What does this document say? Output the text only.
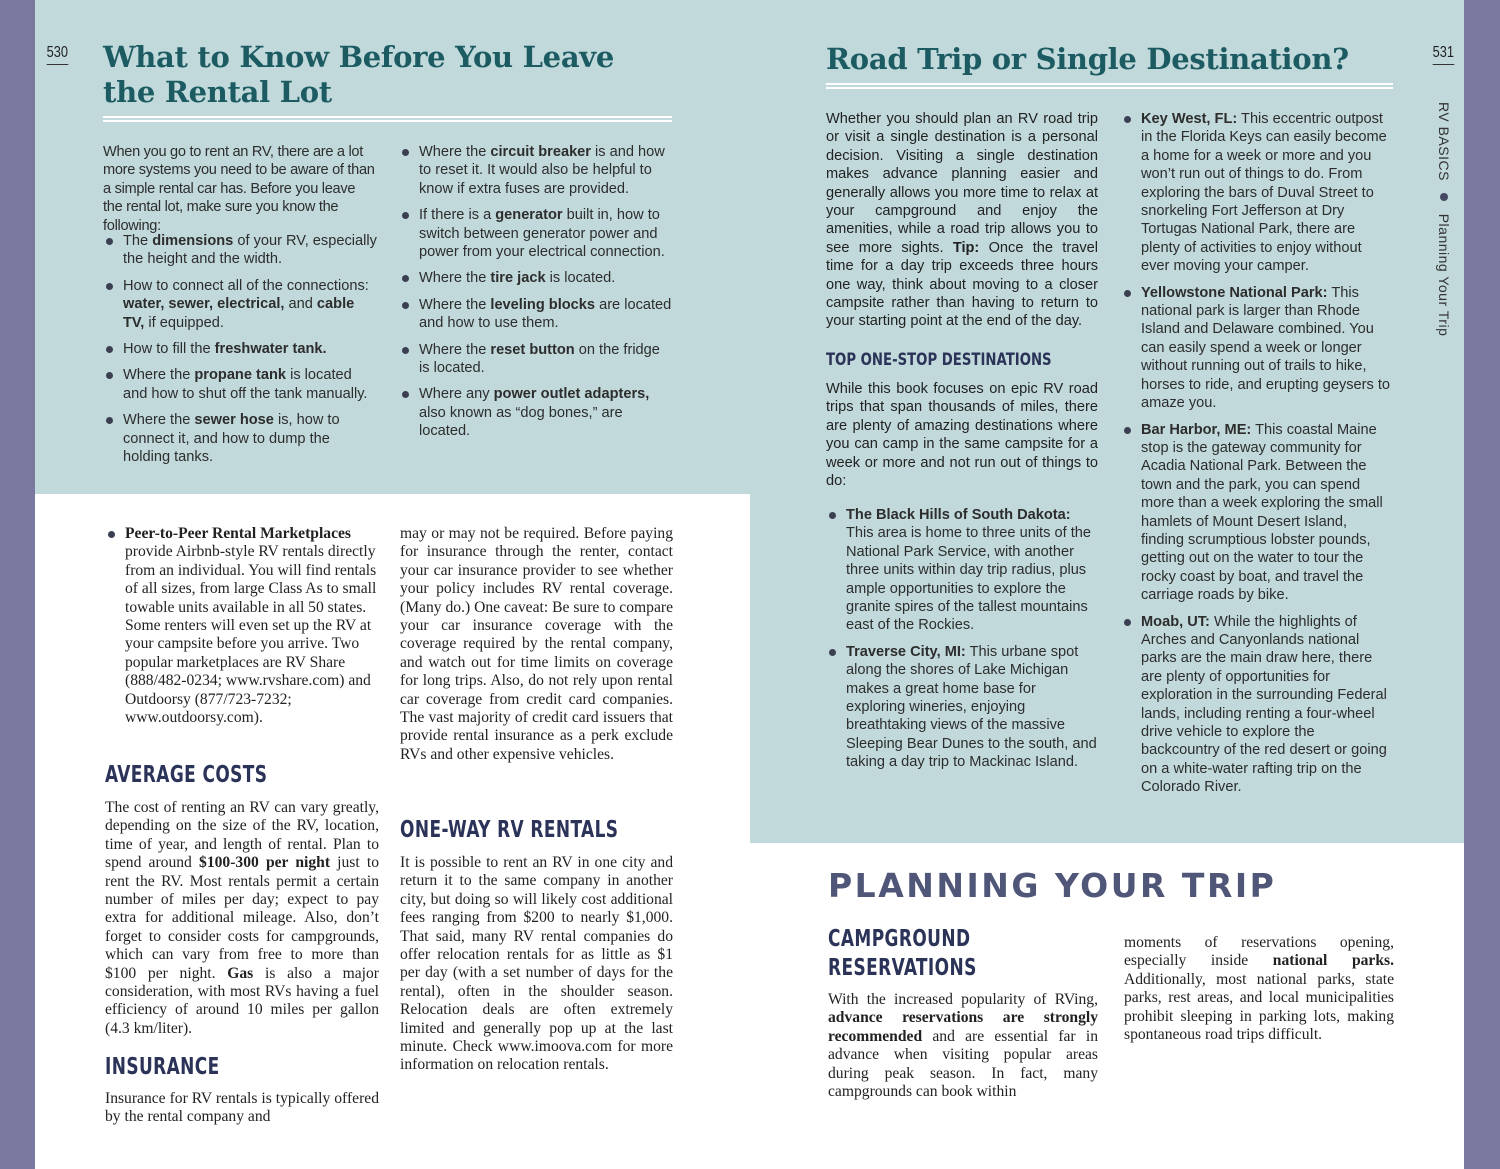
530 What to Know Before You Leave the Rental Lot
When you go to rent an RV, there are a lot more systems you need to be aware of than a simple rental car has. Before you leave the rental lot, make sure you know the following:
The dimensions of your RV, especially the height and the width.
How to connect all of the connections: water, sewer, electrical, and cable TV, if equipped.
How to fill the freshwater tank.
Where the propane tank is located and how to shut off the tank manually.
Where the sewer hose is, how to connect it, and how to dump the holding tanks.
Where the circuit breaker is and how to reset it. It would also be helpful to know if extra fuses are provided.
If there is a generator built in, how to switch between generator power and power from your electrical connection.
Where the tire jack is located.
Where the leveling blocks are located and how to use them.
Where the reset button on the fridge is located.
Where any power outlet adapters, also known as “dog bones,” are located.
Peer-to-Peer Rental Marketplaces provide Airbnb-style RV rentals directly from an individual. You will find rentals of all sizes, from large Class As to small towable units available in all 50 states. Some renters will even set up the RV at your campsite before you arrive. Two popular marketplaces are RV Share (888/482-0234; www.rvshare.com) and Outdoorsy (877/723-7232; www.outdoorsy.com).
AVERAGE COSTS
The cost of renting an RV can vary greatly, depending on the size of the RV, location, time of year, and length of rental. Plan to spend around $100-300 per night just to rent the RV. Most rentals permit a certain number of miles per day; expect to pay extra for additional mileage. Also, don’t forget to consider costs for campgrounds, which can vary from free to more than $100 per night. Gas is also a major consideration, with most RVs having a fuel efficiency of around 10 miles per gallon (4.3 km/liter).
INSURANCE
Insurance for RV rentals is typically offered by the rental company and
may or may not be required. Before paying for insurance through the renter, contact your car insurance provider to see whether your policy includes RV rental coverage. (Many do.) One caveat: Be sure to compare your car insurance coverage with the coverage required by the rental company, and watch out for time limits on coverage for long trips. Also, do not rely upon rental car coverage from credit card companies. The vast majority of credit card issuers that provide rental insurance as a perk exclude RVs and other expensive vehicles.
ONE-WAY RV RENTALS
It is possible to rent an RV in one city and return it to the same company in another city, but doing so will likely cost additional fees ranging from $200 to nearly $1,000. That said, many RV rental companies do offer relocation rentals for as little as $1 per day (with a set number of days for the rental), often in the shoulder season. Relocation deals are often extremely limited and generally pop up at the last minute. Check www.imoova.com for more information on relocation rentals.
531
RV BASICS  Planning Your Trip
Road Trip or Single Destination?
Whether you should plan an RV road trip or visit a single destination is a personal decision. Visiting a single destination makes advance planning easier and generally allows you more time to relax at your campground and enjoy the amenities, while a road trip allows you to see more sights. Tip: Once the travel time for a day trip exceeds three hours one way, think about moving to a closer campsite rather than having to return to your starting point at the end of the day.
TOP ONE-STOP DESTINATIONS
While this book focuses on epic RV road trips that span thousands of miles, there are plenty of amazing destinations where you can camp in the same campsite for a week or more and not run out of things to do:
The Black Hills of South Dakota: This area is home to three units of the National Park Service, with another three units within day trip radius, plus ample opportunities to explore the granite spires of the tallest mountains east of the Rockies.
Traverse City, MI: This urbane spot along the shores of Lake Michigan makes a great home base for exploring wineries, enjoying breathtaking views of the massive Sleeping Bear Dunes to the south, and taking a day trip to Mackinac Island.
Key West, FL: This eccentric outpost in the Florida Keys can easily become a home for a week or more and you won’t run out of things to do. From exploring the bars of Duval Street to snorkeling Fort Jefferson at Dry Tortugas National Park, there are plenty of activities to enjoy without ever moving your camper.
Yellowstone National Park: This national park is larger than Rhode Island and Delaware combined. You can easily spend a week or longer without running out of trails to hike, horses to ride, and erupting geysers to amaze you.
Bar Harbor, ME: This coastal Maine stop is the gateway community for Acadia National Park. Between the town and the park, you can spend more than a week exploring the small hamlets of Mount Desert Island, finding scrumptious lobster pounds, getting out on the water to tour the rocky coast by boat, and travel the carriage roads by bike.
Moab, UT: While the highlights of Arches and Canyonlands national parks are the main draw here, there are plenty of opportunities for exploration in the surrounding Federal lands, including renting a four-wheel drive vehicle to explore the backcountry of the red desert or going on a white-water rafting trip on the Colorado River.
PLANNING YOUR TRIP
CAMPGROUND RESERVATIONS
With the increased popularity of RVing, advance reservations are strongly recommended and are essential far in advance when visiting popular areas during peak season. In fact, many campgrounds can book within
moments of reservations opening, especially inside national parks. Additionally, most national parks, state parks, rest areas, and local municipalities prohibit sleeping in parking lots, making spontaneous road trips difficult.
